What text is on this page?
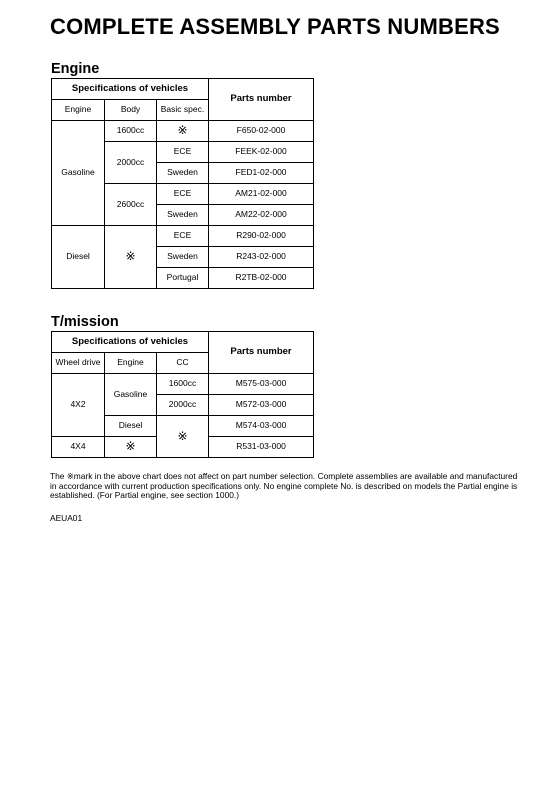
COMPLETE ASSEMBLY PARTS NUMBERS
Engine
Specifications of vehicles			Parts number
Engine	Body	Basic spec.	
Gasoline	1600cc	※	F650-02-000
	2000cc	ECE	FEEK-02-000
		Sweden	FED1-02-000
	2600cc	ECE	AM21-02-000
		Sweden	AM22-02-000
Diesel	※	ECE	R290-02-000
		Sweden	R243-02-000
		Portugal	R2TB-02-000
T/mission
Specifications of vehicles			Parts number
Wheel drive	Engine	CC	
4X2	Gasoline	1600cc	M575-03-000
		2000cc	M572-03-000
	Diesel	※	M574-03-000
4X4	※		R531-03-000
The ※mark in the above chart does not affect on part number selection. Complete assemblies are available and manufactured in accordance with current production specifications only. No engine complete No. is described on models the Partial engine is established. (For Partial engine, see section 1000.)
AEUA01
